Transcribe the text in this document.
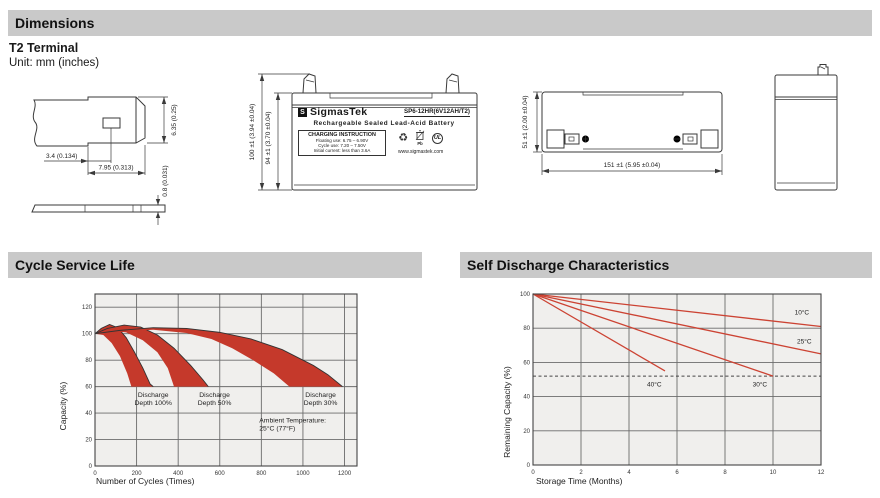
Dimensions
T2 Terminal
Unit: mm (inches)
3.4 (0.134)
7.95 (0.313)
6.35 (0.25)
0.8 (0.031)
100 ±1 (3.94 ±0.04) 94 ±1 (3.70 ±0.04)	S SigmasTek	SP6-12HR(6V12AH/T2)
Rechargeable Sealed Lead-Acid Battery
CHARGING INSTRUCTION
Floating use: 6.75 – 6.90V
Cycle use: 7.20 – 7.50V
Initial current: less than 3.6A
♻	Pb
UL
www.sigmastek.com
51 ±1 (2.00 ±0.04)
151 ±1 (5.95 ±0.04)
Cycle Service Life	Self Discharge Characteristics
0	200	400	600	800	1000	1200
0
20
40
60
80
100
120
Discharge Depth 100%
Discharge Depth 50%
Discharge Depth 30%
Ambient Temperature: 25°C (77°F)
Capacity (%)
Number of Cycles (Times)
10°C
25°C
30°C
40°C
0	2	4	6	8	10	12
0
20
40
60
80
100
Remaining Capacity (%)
Storage Time (Months)
